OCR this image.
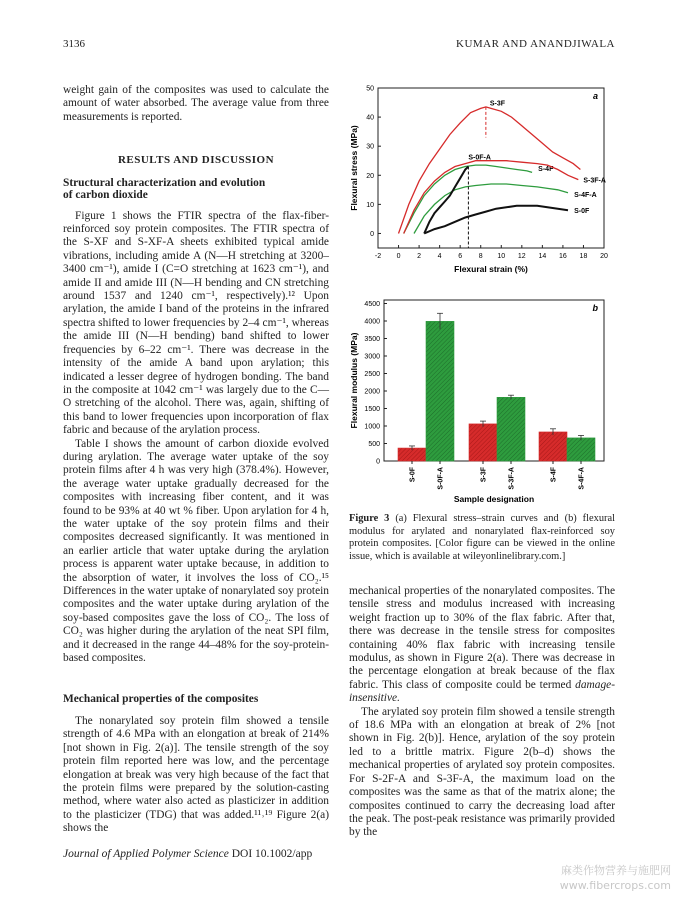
3136	KUMAR AND ANANDJIWALA

weight gain of the composites was used to calculate the amount of water absorbed. The average value from three measurements is reported.

RESULTS AND DISCUSSION

Structural characterization and evolution
of carbon dioxide

Figure 1 shows the FTIR spectra of the flax-fiber-reinforced soy protein composites. The FTIR spectra of the S-XF and S-XF-A sheets exhibited typical amide vibrations, including amide A (N—H stretching at 3200–3400 cm⁻¹), amide I (C=O stretching at 1623 cm⁻¹), and amide II and amide III (N—H bending and CN stretching around 1537 and 1240 cm⁻¹, respectively).¹² Upon arylation, the amide I band of the proteins in the infrared spectra shifted to lower frequencies by 2–4 cm⁻¹, whereas the amide III (N—H bending) band shifted to lower frequencies by 6–22 cm⁻¹. There was decrease in the intensity of the amide A band upon arylation; this indicated a lesser degree of hydrogen bonding. The band in the composite at 1042 cm⁻¹ was largely due to the C—O stretching of the alcohol. There was, again, shifting of this band to lower frequencies upon incorporation of flax fabric and because of the arylation process.

Table I shows the amount of carbon dioxide evolved during arylation. The average water uptake of the soy protein films after 4 h was very high (378.4%). However, the average water uptake gradually decreased for the composites with increasing fiber content, and it was found to be 93% at 40 wt % fiber. Upon arylation for 4 h, the water uptake of the soy protein films and their composites decreased significantly. It was mentioned in an earlier article that water uptake during the arylation process is apparent water uptake because, in addition to the absorption of water, it involves the loss of CO₂.¹⁵ Differences in the water uptake of nonarylated soy protein composites and the water uptake during arylation of the soy-based composites gave the loss of CO₂. The loss of CO₂ was higher during the arylation of the neat SPI film, and it decreased in the range 44–48% for the soy-protein-based composites.

Mechanical properties of the composites

The nonarylated soy protein film showed a tensile strength of 4.6 MPa with an elongation at break of 214% [not shown in Fig. 2(a)]. The tensile strength of the soy protein film reported here was low, and the percentage elongation at break was very high because of the fact that the protein films were prepared by the solution-casting method, where water also acted as plasticizer in addition to the plasticizer (TDG) that was added.¹¹˒¹⁹ Figure 2(a) shows the

-2 0 2 4 6 8 10 12 14 16 18 20
0
10
20
30
40
50
Flexural strain (%)
Flexural stress (MPa)
a
S-3F
S-4F
S-3F-A
S-4F-A
S-0F-A
S-0F
0
500
1000
1500
2000
2500
3000
3500
4000
4500
Flexural modulus (MPa)
Sample designation
b
S-0F	S-0F-A	S-3F	S-3F-A	S-4F	S-4F-A
Figure 3 (a) Flexural stress–strain curves and (b) flexural modulus for arylated and nonarylated flax-reinforced soy protein composites. [Color figure can be viewed in the online issue, which is available at wileyonlinelibrary.com.]

mechanical properties of the nonarylated composites. The tensile stress and modulus increased with increasing weight fraction up to 30% of the flax fabric. After that, there was decrease in the tensile stress for composites containing 40% flax fabric with increasing tensile modulus, as shown in Figure 2(a). There was decrease in the percentage elongation at break because of the flax fabric. This class of composite could be termed damage-insensitive.

The arylated soy protein film showed a tensile strength of 18.6 MPa with an elongation at break of 2% [not shown in Fig. 2(b)]. Hence, arylation of the soy protein led to a brittle matrix. Figure 2(b–d) shows the mechanical properties of arylated soy protein composites. For S-2F-A and S-3F-A, the maximum load on the composites was the same as that of the matrix alone; the composites continued to carry the decreasing load after the peak. The post-peak resistance was primarily provided by the

Journal of Applied Polymer Science DOI 10.1002/app
麻类作物营养与施肥网
www.fibercrops.com
